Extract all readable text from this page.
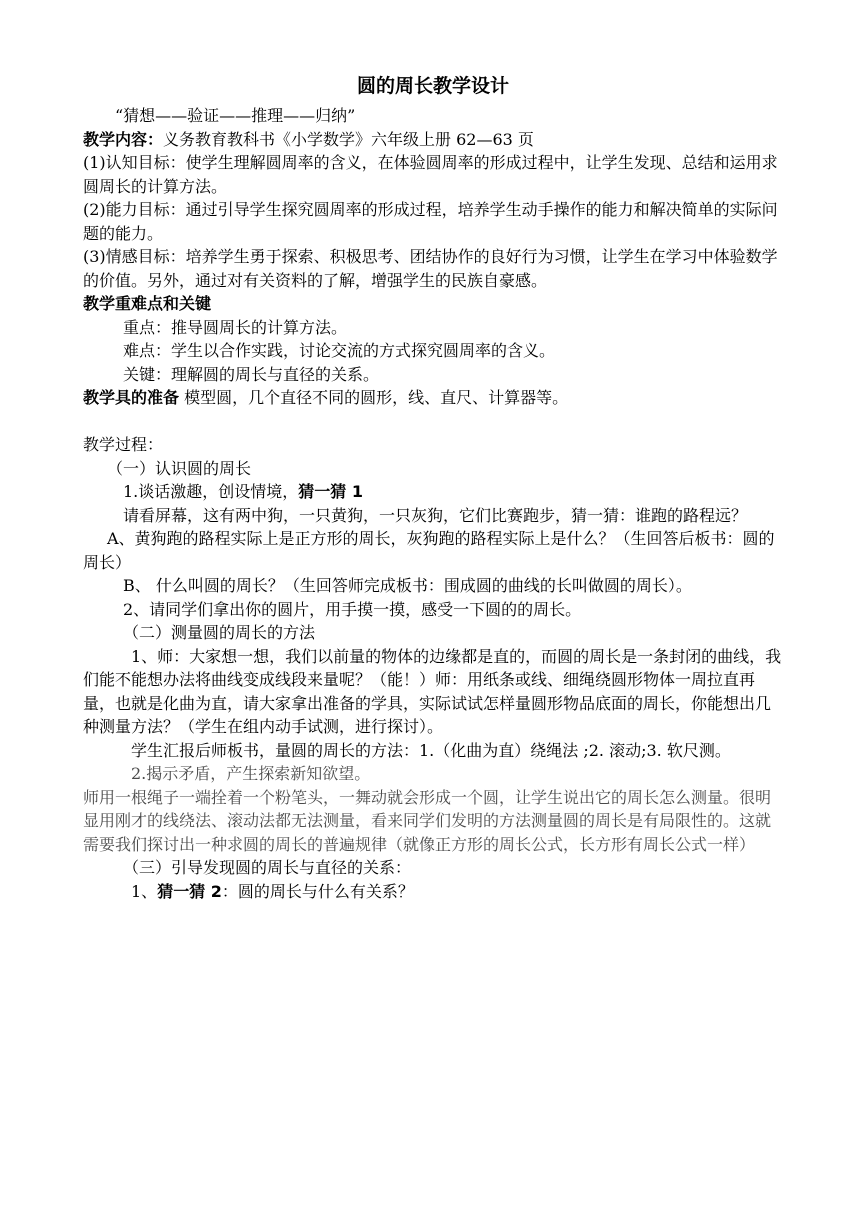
圆的周长教学设计

“猜想——验证——推理——归纳”

教学内容：义务教育教科书《小学数学》六年级上册 62—63 页

(1)认知目标：使学生理解圆周率的含义，在体验圆周率的形成过程中，让学生发现、总结和运用求圆周长的计算方法。

(2)能力目标：通过引导学生探究圆周率的形成过程，培养学生动手操作的能力和解决简单的实际问题的能力。

(3)情感目标：培养学生勇于探索、积极思考、团结协作的良好行为习惯，让学生在学习中体验数学的价值。另外，通过对有关资料的了解，增强学生的民族自豪感。

教学重难点和关键

重点：推导圆周长的计算方法。

难点：学生以合作实践，讨论交流的方式探究圆周率的含义。

关键：理解圆的周长与直径的关系。

教学具的准备 模型圆，几个直径不同的圆形，线、直尺、计算器等。

教学过程：

（一）认识圆的周长

1.谈话激趣，创设情境，猜一猜 1

请看屏幕，这有两中狗，一只黄狗，一只灰狗，它们比赛跑步，猜一猜：谁跑的路程远？

A、黄狗跑的路程实际上是正方形的周长，灰狗跑的路程实际上是什么？（生回答后板书：圆的周长）

B、 什么叫圆的周长？（生回答师完成板书：围成圆的曲线的长叫做圆的周长）。

2、请同学们拿出你的圆片，用手摸一摸，感受一下圆的的周长。

（二）测量圆的周长的方法

1、师：大家想一想，我们以前量的物体的边缘都是直的，而圆的周长是一条封闭的曲线，我们能不能想办法将曲线变成线段来量呢？（能！）师：用纸条或线、细绳绕圆形物体一周拉直再量，也就是化曲为直，请大家拿出准备的学具，实际试试怎样量圆形物品底面的周长，你能想出几种测量方法？（学生在组内动手试测，进行探讨）。

学生汇报后师板书，量圆的周长的方法：1.（化曲为直）绕绳法 ;2. 滚动;3. 软尺测。

2.揭示矛盾，产生探索新知欲望。

师用一根绳子一端拴着一个粉笔头，一舞动就会形成一个圆，让学生说出它的周长怎么测量。很明显用刚才的线绕法、滚动法都无法测量，看来同学们发明的方法测量圆的周长是有局限性的。这就需要我们探讨出一种求圆的周长的普遍规律（就像正方形的周长公式，长方形有周长公式一样）

（三）引导发现圆的周长与直径的关系：

1、猜一猜 2：圆的周长与什么有关系？
